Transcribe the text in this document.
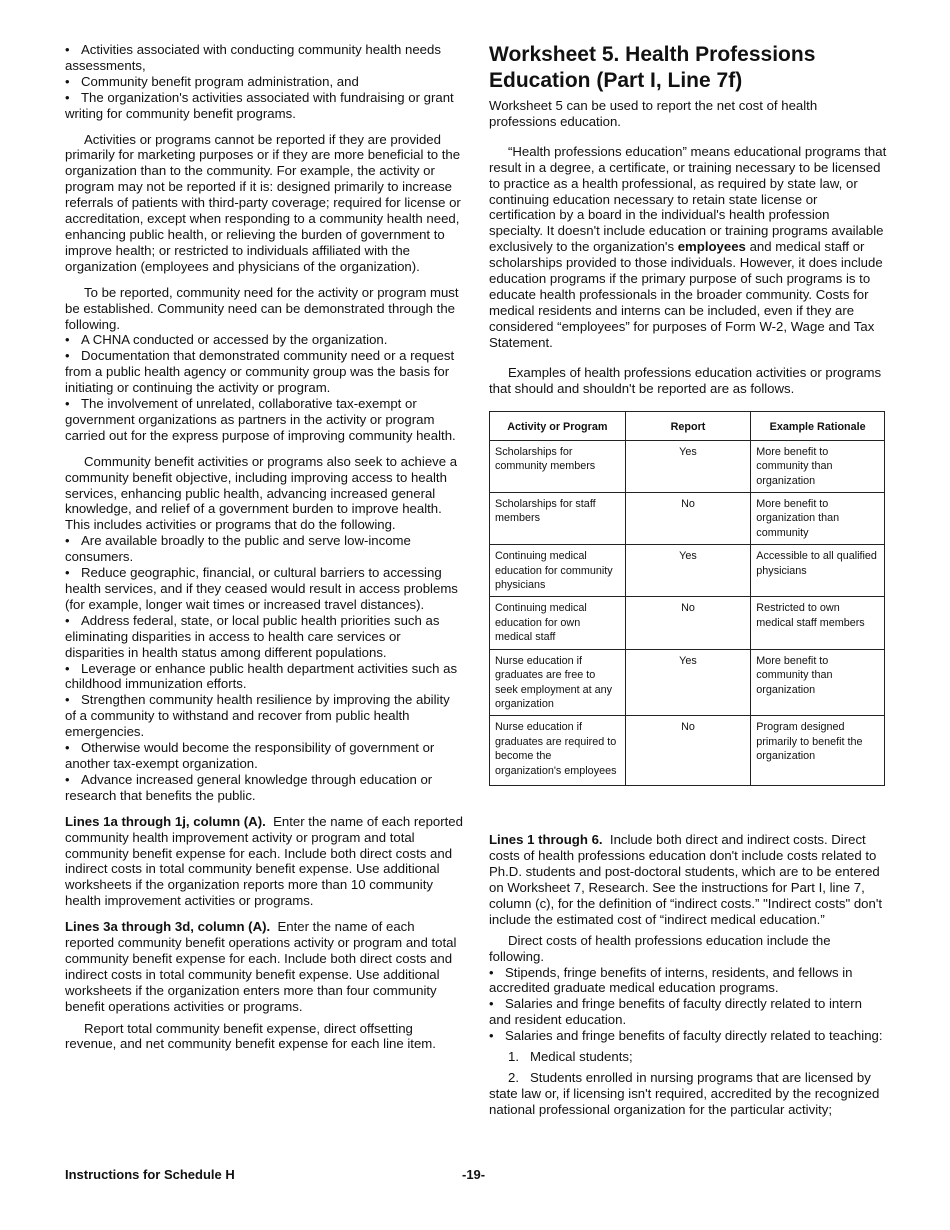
• Activities associated with conducting community health needs assessments,

• Community benefit program administration, and

• The organization's activities associated with fundraising or grant writing for community benefit programs.

Activities or programs cannot be reported if they are provided primarily for marketing purposes or if they are more beneficial to the organization than to the community. For example, the activity or program may not be reported if it is: designed primarily to increase referrals of patients with third-party coverage; required for license or accreditation, except when responding to a community health need, enhancing public health, or relieving the burden of government to improve health; or restricted to individuals affiliated with the organization (employees and physicians of the organization).

To be reported, community need for the activity or program must be established. Community need can be demonstrated through the following.

• A CHNA conducted or accessed by the organization.

• Documentation that demonstrated community need or a request from a public health agency or community group was the basis for initiating or continuing the activity or program.

• The involvement of unrelated, collaborative tax-exempt or government organizations as partners in the activity or program carried out for the express purpose of improving community health.

Community benefit activities or programs also seek to achieve a community benefit objective, including improving access to health services, enhancing public health, advancing increased general knowledge, and relief of a government burden to improve health. This includes activities or programs that do the following.

• Are available broadly to the public and serve low-income consumers.

• Reduce geographic, financial, or cultural barriers to accessing health services, and if they ceased would result in access problems (for example, longer wait times or increased travel distances).

• Address federal, state, or local public health priorities such as eliminating disparities in access to health care services or disparities in health status among different populations.

• Leverage or enhance public health department activities such as childhood immunization efforts.

• Strengthen community health resilience by improving the ability of a community to withstand and recover from public health emergencies.

• Otherwise would become the responsibility of government or another tax-exempt organization.

• Advance increased general knowledge through education or research that benefits the public.

Lines 1a through 1j, column (A). Enter the name of each reported community health improvement activity or program and total community benefit expense for each. Include both direct costs and indirect costs in total community benefit expense. Use additional worksheets if the organization reports more than 10 community health improvement activities or programs.

Lines 3a through 3d, column (A). Enter the name of each reported community benefit operations activity or program and total community benefit expense for each. Include both direct costs and indirect costs in total community benefit expense. Use additional worksheets if the organization enters more than four community benefit operations activities or programs.

Report total community benefit expense, direct offsetting revenue, and net community benefit expense for each line item.

Worksheet 5. Health Professions Education (Part I, Line 7f)

Worksheet 5 can be used to report the net cost of health professions education.

“Health professions education” means educational programs that result in a degree, a certificate, or training necessary to be licensed to practice as a health professional, as required by state law, or continuing education necessary to retain state license or certification by a board in the individual's health profession specialty. It doesn't include education or training programs available exclusively to the organization's employees and medical staff or scholarships provided to those individuals. However, it does include education programs if the primary purpose of such programs is to educate health professionals in the broader community. Costs for medical residents and interns can be included, even if they are considered “employees” for purposes of Form W-2, Wage and Tax Statement.

Examples of health professions education activities or programs that should and shouldn't be reported are as follows.

Activity or Program	Report	Example Rationale
Scholarships for community members	Yes	More benefit to community than organization
Scholarships for staff members	No	More benefit to organization than community
Continuing medical education for community physicians	Yes	Accessible to all qualified physicians
Continuing medical education for own medical staff	No	Restricted to own medical staff members
Nurse education if graduates are free to seek employment at any organization	Yes	More benefit to community than organization
Nurse education if graduates are required to become the organization's employees	No	Program designed primarily to benefit the organization

Lines 1 through 6. Include both direct and indirect costs. Direct costs of health professions education don't include costs related to Ph.D. students and post-doctoral students, which are to be entered on Worksheet 7, Research. See the instructions for Part I, line 7, column (c), for the definition of “indirect costs.” "Indirect costs" don't include the estimated cost of “indirect medical education.”

Direct costs of health professions education include the following.

• Stipends, fringe benefits of interns, residents, and fellows in accredited graduate medical education programs.

• Salaries and fringe benefits of faculty directly related to intern and resident education.

• Salaries and fringe benefits of faculty directly related to teaching:

1.   Medical students;

2.   Students enrolled in nursing programs that are licensed by state law or, if licensing isn't required, accredited by the recognized national professional organization for the particular activity;

Instructions for Schedule H	-19-
